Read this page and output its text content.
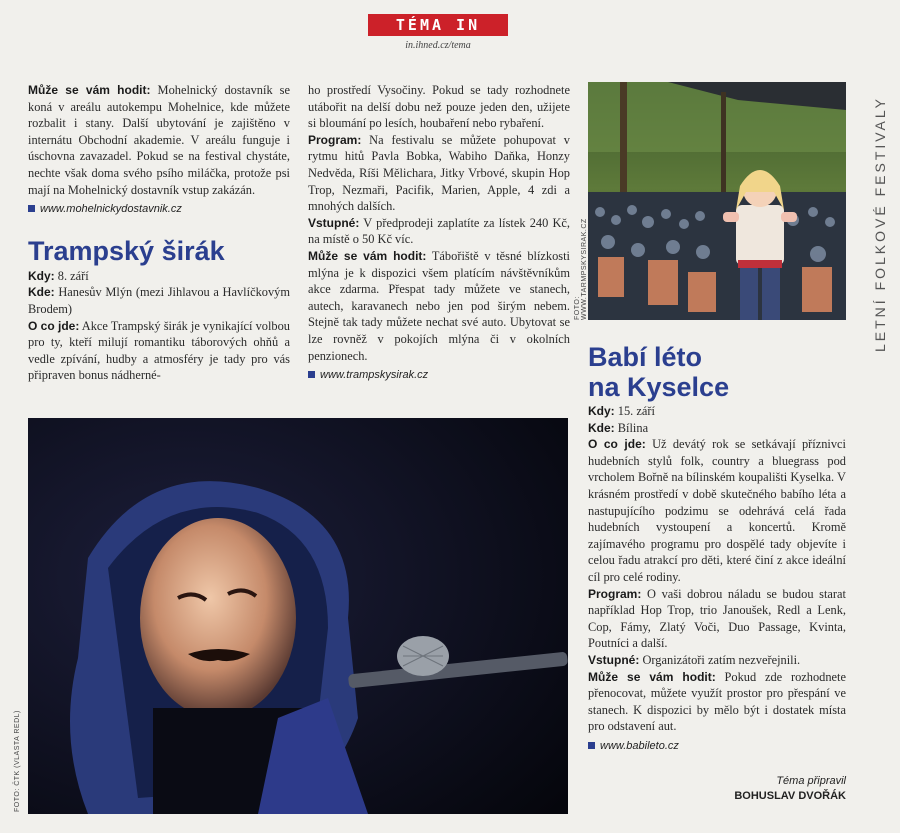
TÉMA IN
in.ihned.cz/tema
LETNÍ FOLKOVÉ FESTIVALY

Může se vám hodit: Mohelnický dostavník se koná v areálu autokempu Mohelnice, kde můžete rozbalit i stany. Další ubytování je zajištěno v internátu Obchodní akademie. V areálu funguje i úschovna zavazadel. Pokud se na festival chystáte, nechte však doma svého psího miláčka, protože psi mají na Mohelnický dostavník vstup zakázán.

www.mohelnickydostavnik.cz
Trampský širák

Kdy: 8. září

Kde: Hanesův Mlýn (mezi Jihlavou a Havlíčkovým Brodem)

O co jde: Akce Trampský širák je vynikající volbou pro ty, kteří milují romantiku táborových ohňů a vedle zpívání, hudby a atmosféry je tady pro vás připraven bonus nádherné-

ho prostředí Vysočiny. Pokud se tady rozhodnete utábořit na delší dobu než pouze jeden den, užijete si bloumání po lesích, houbaření nebo rybaření.

Program: Na festivalu se můžete pohupovat v rytmu hitů Pavla Bobka, Wabiho Daňka, Honzy Nedvěda, Ríši Mělichara, Jitky Vrbové, skupin Hop Trop, Nezmaři, Pacifik, Marien, Apple, 4 zdi a mnohých dalších.

Vstupné: V předprodeji zaplatíte za lístek 240 Kč, na místě o 50 Kč víc.

Může se vám hodit: Tábořiště v těsné blízkosti mlýna je k dispozici všem platícím návštěvníkům akce zdarma. Přespat tady můžete ve stanech, autech, karavanech nebo jen pod širým nebem. Stejně tak tady můžete nechat své auto. Ubytovat se lze rovněž v pokojích mlýna či v okolních penzionech.

www.trampskysirak.cz
FOTO: WWW.TARMPSKYSIRAK.CZ
Babí léto
na Kyselce

Kdy: 15. září

Kde: Bílina

O co jde: Už devátý rok se setkávají příznivci hudebních stylů folk, country a bluegrass pod vrcholem Bořně na bílinském koupališti Kyselka. V krásném prostředí v době skutečného babího léta a nastupujícího podzimu se odehrává celá řada hudebních vystoupení a koncertů. Kromě zajímavého programu pro dospělé tady objevíte i celou řadu atrakcí pro děti, které činí z akce ideální cíl pro celé rodiny.

Program: O vaši dobrou náladu se budou starat například Hop Trop, trio Janoušek, Redl a Lenk, Cop, Fámy, Zlatý Voči, Duo Passage, Kvinta, Poutníci a další.

Vstupné: Organizátoři zatím nezveřejnili.

Může se vám hodit: Pokud zde rozhodnete přenocovat, můžete využít prostor pro přespání ve stanech. K dispozici by mělo být i dostatek místa pro odstavení aut.

www.babileto.cz
Téma připravil
BOHUSLAV DVOŘÁK
FOTO: ČTK (VLASTA REDL)
